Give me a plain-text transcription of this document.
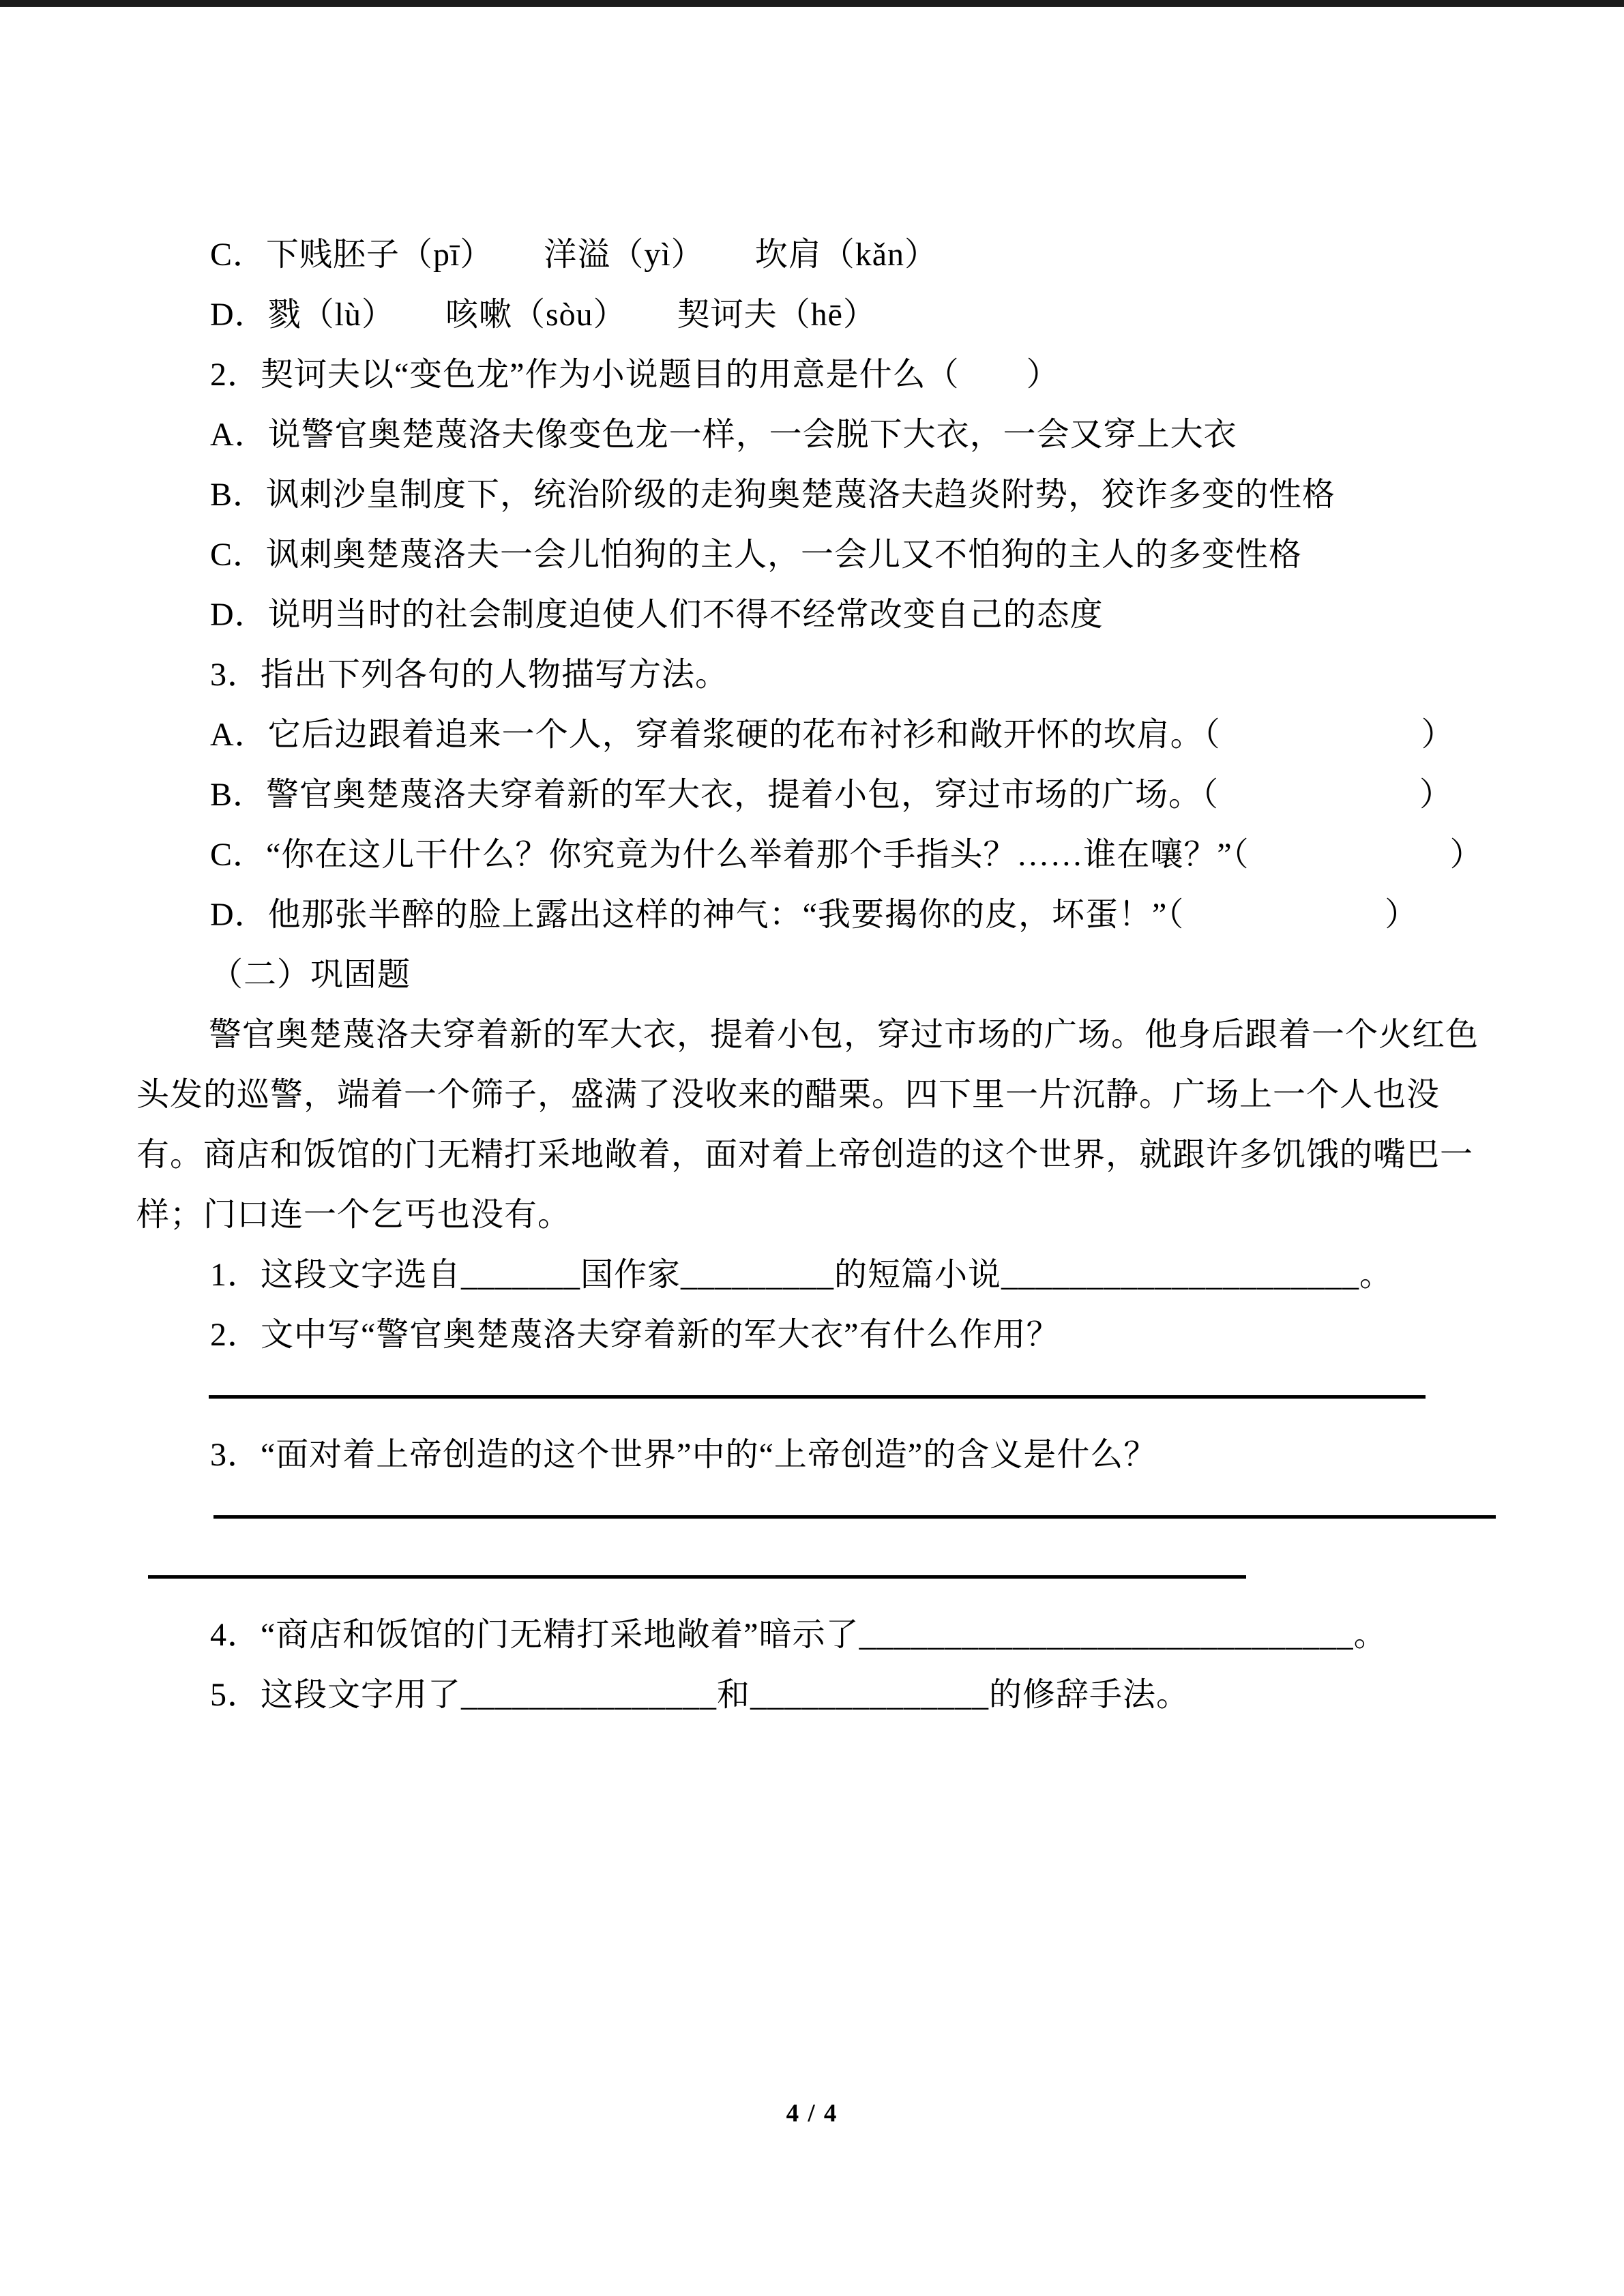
C．下贱胚子（pī）　　洋溢（yì）　　坎肩（kǎn）
D．戮（lù）　　咳嗽（sòu）　　契诃夫（hē）
2．契诃夫以“变色龙”作为小说题目的用意是什么（　　）
A．说警官奥楚蔑洛夫像变色龙一样，一会脱下大衣，一会又穿上大衣
B．讽刺沙皇制度下，统治阶级的走狗奥楚蔑洛夫趋炎附势，狡诈多变的性格
C．讽刺奥楚蔑洛夫一会儿怕狗的主人，一会儿又不怕狗的主人的多变性格
D．说明当时的社会制度迫使人们不得不经常改变自己的态度
3．指出下列各句的人物描写方法。
A．它后边跟着追来一个人，穿着浆硬的花布衬衫和敞开怀的坎肩。（　　　　　　）
B．警官奥楚蔑洛夫穿着新的军大衣，提着小包，穿过市场的广场。（　　　　　　）
C．“你在这儿干什么？你究竟为什么举着那个手指头？……谁在嚷？”（　　　　　　）
D．他那张半醉的脸上露出这样的神气：“我要揭你的皮，坏蛋！”（　　　　　　）
（二）巩固题
警官奥楚蔑洛夫穿着新的军大衣，提着小包，穿过市场的广场。他身后跟着一个火红色
头发的巡警，端着一个筛子，盛满了没收来的醋栗。四下里一片沉静。广场上一个人也没
有。商店和饭馆的门无精打采地敞着，面对着上帝创造的这个世界，就跟许多饥饿的嘴巴一
样；门口连一个乞丐也没有。
1．这段文字选自_______国作家_________的短篇小说_____________________。
2．文中写“警官奥楚蔑洛夫穿着新的军大衣”有什么作用？
3．“面对着上帝创造的这个世界”中的“上帝创造”的含义是什么？
4．“商店和饭馆的门无精打采地敞着”暗示了_____________________________。
5．这段文字用了_______________和______________的修辞手法。
4 / 4
